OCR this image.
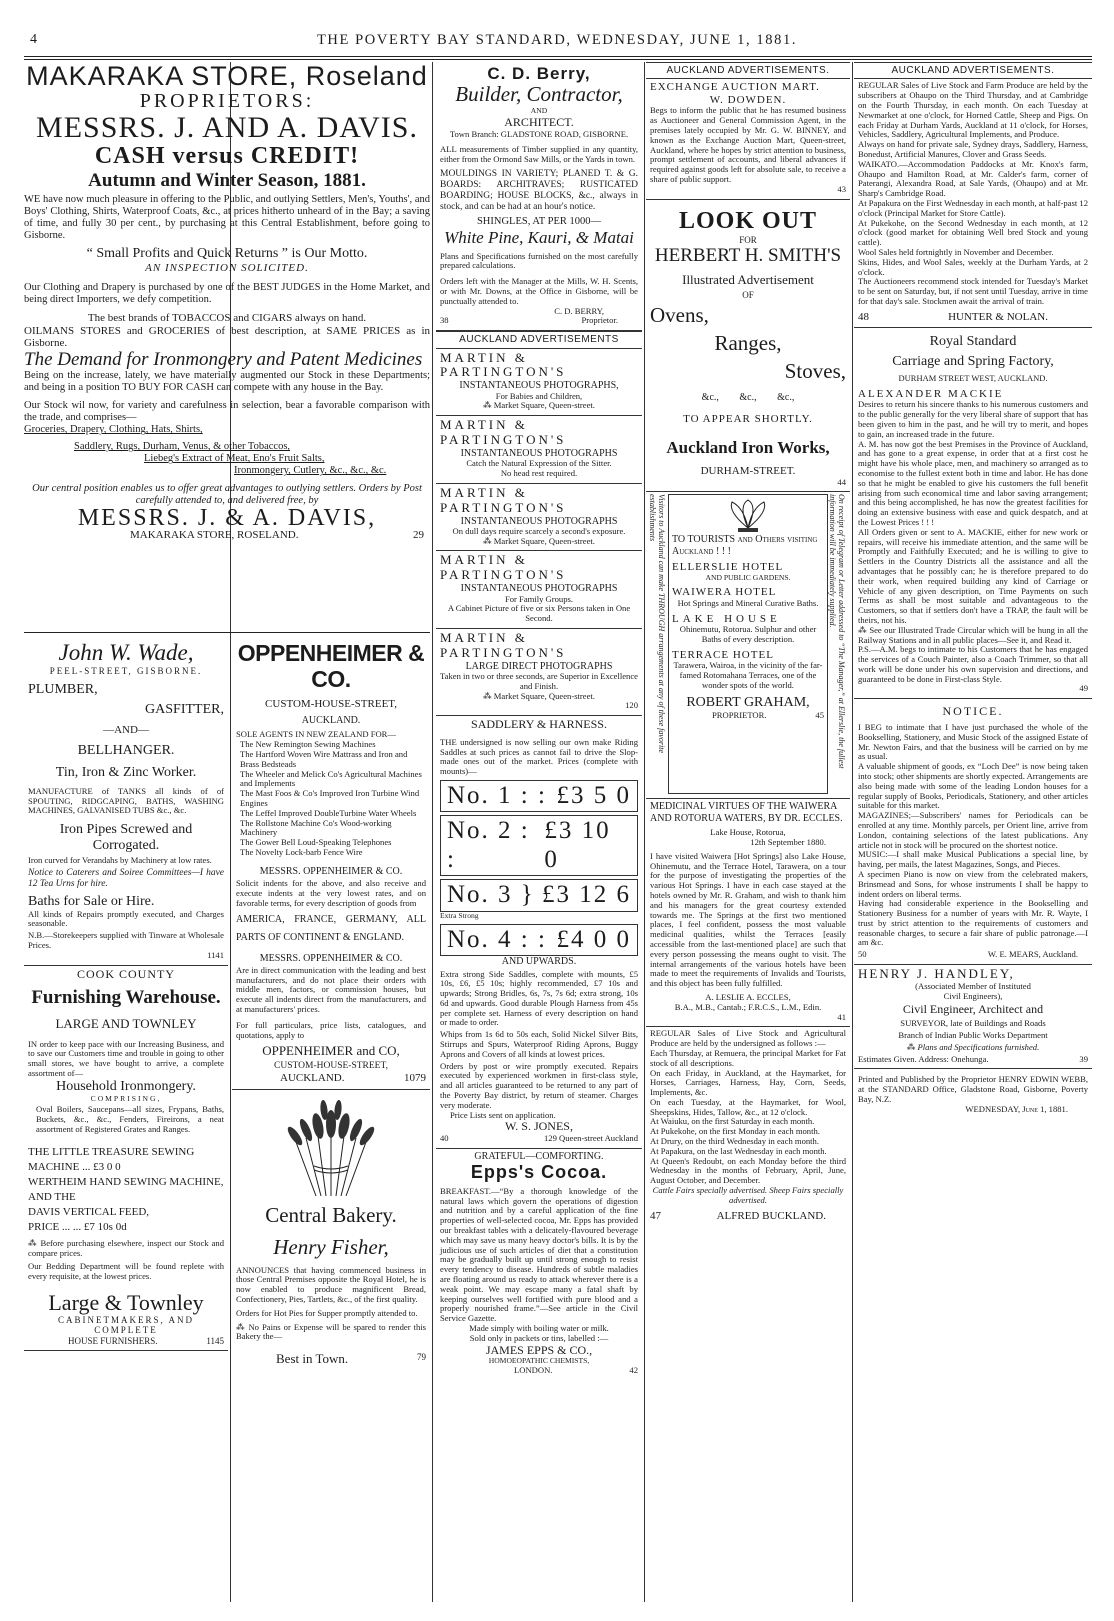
4	THE POVERTY BAY STANDARD, WEDNESDAY, JUNE 1, 1881.
MAKARAKA STORE, Roseland
PROPRIETORS:
MESSRS. J. AND A. DAVIS.
CASH versus CREDIT!
Autumn and Winter Season, 1881.
WE have now much pleasure in offering to the Public, and outlying Settlers, Men's, Youths', and Boys' Clothing, Shirts, Waterproof Coats, &c., at prices hitherto unheard of in the Bay; a saving of time, and fully 30 per cent., by purchasing at this Central Establishment, before going to Gisborne.
“ Small Profits and Quick Returns ” is Our Motto.
AN INSPECTION SOLICITED.
Our Clothing and Drapery is purchased by one of the BEST JUDGES in the Home Market, and being direct Importers, we defy competition.
The best brands of TOBACCOS and CIGARS always on hand.
OILMANS STORES and GROCERIES of best description, at SAME PRICES as in Gisborne.
The Demand for Ironmongery and Patent Medicines
Being on the increase, lately, we have materially augmented our Stock in these Departments; and being in a position TO BUY FOR CASH can compete with any house in the Bay.
Our Stock wil now, for variety and carefulness in selection, bear a favorable comparison with the trade, and comprises—
Groceries, Drapery, Clothing, Hats, Shirts,
Saddlery, Rugs, Durham, Venus, & other Tobaccos,
Liebeg's Extract of Meat, Eno's Fruit Salts,
Ironmongery, Cutlery, &c., &c., &c.
Our central position enables us to offer great advantages to outlying settlers. Orders by Post carefully attended to, and delivered free, by
MESSRS. J. & A. DAVIS,
MAKARAKA STORE, ROSELAND.	29
John W. Wade,
PEEL-STREET, GISBORNE.
PLUMBER,
GASFITTER,
—AND—
BELLHANGER.
Tin, Iron & Zinc Worker.
MANUFACTURE of TANKS all kinds of of SPOUTING, RIDGCAPING, BATHS, WASHING MACHINES, GALVANISED TUBS &c., &c.
Iron Pipes Screwed and Corrogated.
Iron curved for Verandahs by Machinery at low rates.
Notice to Caterers and Soiree Committees—I have 12 Tea Urns for hire.
Baths for Sale or Hire.
All kinds of Repairs promptly executed, and Charges seasonable.
N.B.—Storekeepers supplied with Tinware at Wholesale Prices.
1141
COOK COUNTY
Furnishing Warehouse.
LARGE AND TOWNLEY
IN order to keep pace with our Increasing Business, and to save our Customers time and trouble in going to other small stores, we have bought to arrive, a complete assortment of—
Household Ironmongery.
COMPRISING,
Oval Boilers, Saucepans—all sizes, Frypans, Baths, Buckets, &c., &c., Fenders, Fireirons, a neat assortment of Registered Grates and Ranges.
THE LITTLE TREASURE SEWING MACHINE ... £3 0 0
WERTHEIM HAND SEWING MACHINE, AND THE
DAVIS VERTICAL FEED,
PRICE ... ... £7 10s 0d
⁂ Before purchasing elsewhere, inspect our Stock and compare prices.
Our Bedding Department will be found replete with every requisite, at the lowest prices.
Large & Townley
CABINETMAKERS, AND COMPLETE
HOUSE FURNISHERS.	1145
OPPENHEIMER & CO.
CUSTOM-HOUSE-STREET,
AUCKLAND.
SOLE AGENTS IN NEW ZEALAND FOR—
The New Remington Sewing Machines
The Hartford Woven Wire Mattrass and Iron and Brass Bedsteads
The Wheeler and Melick Co's Agricultural Machines and Implements
The Mast Foos & Co's Improved Iron Turbine Wind Engines
The Leffel Improved DoubleTurbine Water Wheels
The Rollstone Machine Co's Wood-working Machinery
The Gower Bell Loud-Speaking Telephones
The Novelty Lock-barb Fence Wire
MESSRS. OPPENHEIMER & CO.
Solicit indents for the above, and also receive and execute indents at the very lowest rates, and on favorable terms, for every description of goods from
AMERICA, FRANCE, GERMANY, ALL PARTS OF CONTINENT & ENGLAND.
MESSRS. OPPENHEIMER & CO.
Are in direct communication with the leading and best manufacturers, and do not place their orders with middle men, factors, or commission houses, but execute all indents direct from the manufacturers, and at manufacturers' prices.
For full particulars, price lists, catalogues, and quotations, apply to
OPPENHEIMER and CO,
CUSTOM-HOUSE-STREET,
AUCKLAND.	1079
Central Bakery.
Henry Fisher,
ANNOUNCES that having commenced business in those Central Premises opposite the Royal Hotel, he is now enabled to produce magnificent Bread, Confectionery, Pies, Tartlets, &c., of the first quality.
Orders for Hot Pies for Supper promptly attended to.
⁂ No Pains or Expense will be spared to render this Bakery the—
Best in Town.	79
C. D. Berry,
Builder, Contractor,
AND
ARCHITECT.
Town Branch: GLADSTONE ROAD, GISBORNE.
ALL measurements of Timber supplied in any quantity, either from the Ormond Saw Mills, or the Yards in town.
MOULDINGS IN VARIETY; PLANED T. & G. BOARDS: ARCHITRAVES; RUSTICATED BOARDING; HOUSE BLOCKS, &c., always in stock, and can be had at an hour's notice.
SHINGLES, AT PER 1000—
White Pine, Kauri, & Matai
Plans and Specifications furnished on the most carefully prepared calculations.
Orders left with the Manager at the Mills, W. H. Scents, or with Mr. Downs, at the Office in Gisborne, will be punctually attended to.
C. D. BERRY,
38	Proprietor.
AUCKLAND ADVERTISEMENTS
MARTIN & PARTINGTON'S
INSTANTANEOUS PHOTOGRAPHS,
For Babies and Children,
⁂ Market Square, Queen-street.
MARTIN & PARTINGTON'S
INSTANTANEOUS PHOTOGRAPHS
Catch the Natural Expression of the Sitter.
No head rest required.
MARTIN & PARTINGTON'S
INSTANTANEOUS PHOTOGRAPHS
On dull days require scarcely a second's exposure.
⁂ Market Square, Queen-street.
MARTIN & PARTINGTON'S
INSTANTANEOUS PHOTOGRAPHS
For Family Groups.
A Cabinet Picture of five or six Persons taken in One Second.
MARTIN & PARTINGTON'S
LARGE DIRECT PHOTOGRAPHS
Taken in two or three seconds, are Superior in Excellence and Finish.
⁂ Market Square, Queen-street.
120
SADDLERY & HARNESS.
THE undersigned is now selling our own make Riding Saddles at such prices as cannot fail to drive the Slop-made ones out of the market. Prices (complete with mounts)—
No. 1 : : £3 5 0
No. 2 : :
£3 10 0
No. 3 } £3 12 6
Extra Strong
No. 4 : : £4 0 0
AND UPWARDS.
Extra strong Side Saddles, complete with mounts, £5 10s, £6, £5 10s; highly recommended, £7 10s and upwards; Strong Bridles, 6s, 7s, 7s 6d; extra strong, 10s 6d and upwards. Good durable Plough Harness from 45s per complete set. Harness of every description on hand or made to order.
Whips from 1s 6d to 50s each, Solid Nickel Silver Bits, Stirrups and Spurs, Waterproof Riding Aprons, Buggy Aprons and Covers of all kinds at lowest prices.
Orders by post or wire promptly executed. Repairs executed by experienced workmen in first-class style, and all articles guaranteed to be returned to any part of the Poverty Bay district, by return of steamer. Charges very moderate.
Price Lists sent on application.
W. S. JONES,
40	129 Queen-street Auckland
GRATEFUL—COMFORTING.
Epps's Cocoa.
BREAKFAST.—“By a thorough knowledge of the natural laws which govern the operations of digestion and nutrition and by a careful application of the fine properties of well-selected cocoa, Mr. Epps has provided our breakfast tables with a delicately-flavoured beverage which may save us many heavy doctor's bills. It is by the judicious use of such articles of diet that a constitution may be gradually built up until strong enough to resist every tendency to disease. Hundreds of subtle maladies are floating around us ready to attack wherever there is a weak point. We may escape many a fatal shaft by keeping ourselves well fortified with pure blood and a properly nourished frame.”—See article in the Civil Service Gazette.
Made simply with boiling water or milk.
Sold only in packets or tins, labelled :—
JAMES EPPS & CO.,
HOMOEOPATHIC CHEMISTS,
LONDON.	42
AUCKLAND ADVERTISEMENTS.
EXCHANGE AUCTION MART.
W. DOWDEN.
Begs to inform the public that he has resumed business as Auctioneer and General Commission Agent, in the premises lately occupied by Mr. G. W. BINNEY, and known as the Exchange Auction Mart, Queen-street, Auckland, where he hopes by strict attention to business, prompt settlement of accounts, and liberal advances if required against goods left for absolute sale, to receive a share of public support.
43
LOOK OUT
FOR
HERBERT H. SMITH'S
Illustrated Advertisement
OF
Ovens,
Ranges,
Stoves,
&c., &c., &c.,
TO APPEAR SHORTLY.
Auckland Iron Works,
DURHAM-STREET.
44
Visitors to Auckland can make THROUGH arrangements at any of these favorite establishments	TO TOURISTS and Others visiting Auckland ! ! !
ELLERSLIE HOTEL
AND PUBLIC GARDENS.
WAIWERA HOTEL
Hot Springs and Mineral Curative Baths.
LAKE HOUSE
Ohinemutu, Rotorua. Sulphur and other Baths of every description.
TERRACE HOTEL
Tarawera, Wairoa, in the vicinity of the far-famed Rotomahana Terraces, one of the wonder spots of the world.
ROBERT GRAHAM,
PROPRIETOR.	45	On receipt of Telegram or Letter addressed to “The Manager,” at Ellerslie, the fullest information will be immediately supplied.
MEDICINAL VIRTUES OF THE WAIWERA AND ROTORUA WATERS, BY DR. ECCLES.
Lake House, Rotorua,
12th September 1880.
I have visited Waiwera [Hot Springs] also Lake House, Ohinemutu, and the Terrace Hotel, Tarawera, on a tour for the purpose of investigating the properties of the various Hot Springs. I have in each case stayed at the hotels owned by Mr. R. Graham, and wish to thank him and his managers for the great courtesy extended towards me. The Springs at the first two mentioned places, I feel confident, possess the most valuable medicinal qualities, whilst the Terraces [easily accessible from the last-mentioned place] are such that every person possessing the means ought to visit. The internal arrangements of the various hotels have been made to meet the requirements of Invalids and Tourists, and this object has been fully fulfilled.
A. LESLIE A. ECCLES,
B.A., M.B., Cantab.; F.R.C.S., L.M., Edin.
41
REGULAR Sales of Live Stock and Agricultural Produce are held by the undersigned as follows :—
Each Thursday, at Remuera, the principal Market for Fat stock of all descriptions.
On each Friday, in Auckland, at the Haymarket, for Horses, Carriages, Harness, Hay, Corn, Seeds, Implements, &c.
On each Tuesday, at the Haymarket, for Wool, Sheepskins, Hides, Tallow, &c., at 12 o'clock.
At Waiuku, on the first Saturday in each month.
At Pukekohe, on the first Monday in each month.
At Drury, on the third Wednesday in each month.
At Papakura, on the last Wednesday in each month.
At Queen's Redoubt, on each Monday before the third Wednesday in the months of February, April, June, August October, and December.
Cattle Fairs specially advertised. Sheep Fairs specially advertised.
47	ALFRED BUCKLAND.
AUCKLAND ADVERTISEMENTS.
REGULAR Sales of Live Stock and Farm Produce are held by the subscribers at Ohaupo on the Third Thursday, and at Cambridge on the Fourth Thursday, in each month. On each Tuesday at Newmarket at one o'clock, for Horned Cattle, Sheep and Pigs. On each Friday at Durham Yards, Auckland at 11 o'clock, for Horses, Vehicles, Saddlery, Agricultural Implements, and Produce.
Always on hand for private sale, Sydney drays, Saddlery, Harness, Bonedust, Artificial Manures, Clover and Grass Seeds.
WAIKATO.—Accommodation Paddocks at Mr. Knox's farm, Ohaupo and Hamilton Road, at Mr. Calder's farm, corner of Paterangi, Alexandra Road, at Sale Yards, (Ohaupo) and at Mr. Sharp's Cambridge Road.
At Papakura on the First Wednesday in each month, at half-past 12 o'clock (Principal Market for Store Cattle).
At Pukekohe, on the Second Wednesday in each month, at 12 o'clock (good market for obtaining Well bred Stock and young cattle).
Wool Sales held fortnightly in November and December.
Skins, Hides, and Wool Sales, weekly at the Durham Yards, at 2 o'clock.
The Auctioneers recommend stock intended for Tuesday's Market to be sent on Saturday, but, if not sent until Tuesday, arrive in time for that day's sale. Stockmen await the arrival of train.
48	HUNTER & NOLAN.
Royal Standard
Carriage and Spring Factory,
DURHAM STREET WEST, AUCKLAND.
ALEXANDER MACKIE
Desires to return his sincere thanks to his numerous customers and to the public generally for the very liberal share of support that has been given to him in the past, and he will try to merit, and hopes to gain, an increased trade in the future.
A. M. has now got the best Premises in the Province of Auckland, and has gone to a great expense, in order that at a first cost he might have his whole place, men, and machinery so arranged as to economise to the fullest extent both in time and labor. He has done so that he might be enabled to give his customers the full benefit arising from such economical time and labor saving arrangement; and this being accomplished, he has now the greatest facilities for doing an extensive business with ease and quick despatch, and at the Lowest Prices ! ! !
All Orders given or sent to A. MACKIE, either for new work or repairs, will receive his immediate attention, and the same will be Promptly and Faithfully Executed; and he is willing to give to Settlers in the Country Districts all the assistance and all the advantages that he possibly can; he is therefore prepared to do their work, when required building any kind of Carriage or Vehicle of any given description, on Time Payments on such Terms as shall be most suitable and advantageous to the Customers, so that if settlers don't have a TRAP, the fault will be theirs, not his.
⁂ See our Illustrated Trade Circular which will be hung in all the Railway Stations and in all public places—See it, and Read it.
P.S.—A.M. begs to intimate to his Customers that he has engaged the services of a Couch Painter, also a Coach Trimmer, so that all work will be done under his own supervision and directions, and guaranteed to be done in First-class Style.
49
NOTICE.
I BEG to intimate that I have just purchased the whole of the Bookselling, Stationery, and Music Stock of the assigned Estate of Mr. Newton Fairs, and that the business will be carried on by me as usual.
A valuable shipment of goods, ex “Loch Dee” is now being taken into stock; other shipments are shortly expected. Arrangements are also being made with some of the leading London houses for a regular supply of Books, Periodicals, Stationery, and other articles suitable for this market.
MAGAZINES;—Subscribers' names for Periodicals can be enrolled at any time. Monthly parcels, per Orient line, arrive from London, containing selections of the latest publications. Any article not in stock will be procured on the shortest notice.
MUSIC:—I shall make Musical Publications a special line, by having, per mails, the latest Magazines, Songs, and Pieces.
A specimen Piano is now on view from the celebrated makers, Brinsmead and Sons, for whose instruments I shall be happy to indent orders on liberal terms.
Having had considerable experience in the Bookselling and Stationery Business for a number of years with Mr. R. Wayte, I trust by strict attention to the requirements of customers and reasonable charges, to secure a fair share of public patronage.—I am &c.
50	W. E. MEARS, Auckland.
HENRY J. HANDLEY,
(Associated Member of Instituted
Civil Engineers),
Civil Engineer, Architect and
SURVEYOR, late of Buildings and Roads
Branch of Indian Public Works Department
⁂ Plans and Specifications furnished.
Estimates Given. Address: Onehunga.	39
Printed and Published by the Proprietor HENRY EDWIN WEBB, at the STANDARD Office, Gladstone Road, Gisborne, Poverty Bay, N.Z.
WEDNESDAY, June 1, 1881.
